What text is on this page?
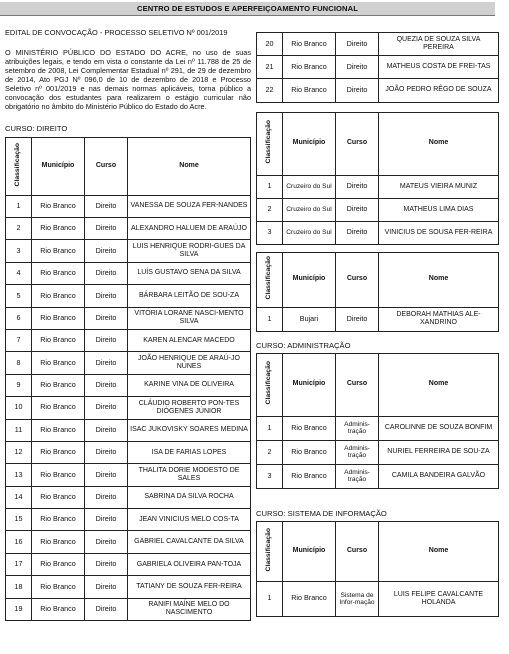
CENTRO DE ESTUDOS E APERFEIÇOAMENTO FUNCIONAL
EDITAL DE CONVOCAÇÃO - PROCESSO SELETIVO Nº 001/2019
O MINISTÉRIO PÚBLICO DO ESTADO DO ACRE, no uso de suas atribuições legais, e tendo em vista o constante da Lei nº 11.788 de 25 de setembro de 2008, Lei Complementar Estadual nº 291, de 29 de dezembro de 2014, Ato PGJ Nº 096,0 de 10 de dezembro de 2018 e Processo Seletivo nº 001/2019 e nas demais normas aplicáveis, torna público a convocação dos estudantes para realizarem o estágio curricular não obrigatório no âmbito do Ministério Público do Estado do Acre.
CURSO: DIREITO
Classificação	Município	Curso	Nome
1	Rio Branco	Direito	VANESSA DE SOUZA FER-NANDES
2	Rio Branco	Direito	ALEXANDRO HALUEM DE ARAÚJO
3	Rio Branco	Direito	LUIS HENRIQUE RODRI-GUES DA SILVA
4	Rio Branco	Direito	LUÍS GUSTAVO SENA DA SILVA
5	Rio Branco	Direito	BÁRBARA LEITÃO DE SOU-ZA
6	Rio Branco	Direito	VITÓRIA LORANE NASCI-MENTO SILVA
7	Rio Branco	Direito	KAREN ALENCAR MACEDO
8	Rio Branco	Direito	JOÃO HENRIQUE DE ARAÚ-JO NUNES
9	Rio Branco	Direito	KARINE VINA DE OLIVEIRA
10	Rio Branco	Direito	CLÁUDIO ROBERTO PON-TES DIÓGENES JÚNIOR
11	Rio Branco	Direito	ISAC JUKOVISKY SOARES MEDINA
12	Rio Branco	Direito	ISA DE FARIAS LOPES
13	Rio Branco	Direito	THALITA DORIE MODESTO DE SALES
14	Rio Branco	Direito	SABRINA DA SILVA ROCHA
15	Rio Branco	Direito	JEAN VINICIUS MELO COS-TA
16	Rio Branco	Direito	GABRIEL CAVALCANTE DA SILVA
17	Rio Branco	Direito	GABRIELA OLIVEIRA PAN-TOJA
18	Rio Branco	Direito	TATIANY DE SOUZA FER-REIRA
19	Rio Branco	Direito	RANIFI MAÍNE MELO DO NASCIMENTO
20	Rio Branco	Direito	QUEZIA DE SOUZA SILVA PEREIRA
21	Rio Branco	Direito	MATHEUS COSTA DE FREI-TAS
22	Rio Branco	Direito	JOÃO PEDRO RÊGO DE SOUZA
Classificação	Município	Curso	Nome
1	Cruzeiro do Sul	Direito	MATEUS VIEIRA MUNIZ
2	Cruzeiro do Sul	Direito	MATHEUS LIMA DIAS
3	Cruzeiro do Sul	Direito	VINICIUS DE SOUSA FER-REIRA
Classificação	Município	Curso	Nome
1	Bujari	Direito	DEBORAH MATHIAS ALE-XANDRINO
CURSO: ADMINISTRAÇÃO
Classificação	Município	Curso	Nome
1	Rio Branco	Adminis-tração	CAROLINNE DE SOUZA BONFIM
2	Rio Branco	Adminis-tração	NURIEL FERREIRA DE SOU-ZA
3	Rio Branco	Adminis-tração	CAMILA BANDEIRA GALVÃO
CURSO: SISTEMA DE INFORMAÇÃO
Classificação	Município	Curso	Nome
1	Rio Branco	Sistema de Infor-mação	LUIS FELIPE CAVALCANTE HOLANDA
